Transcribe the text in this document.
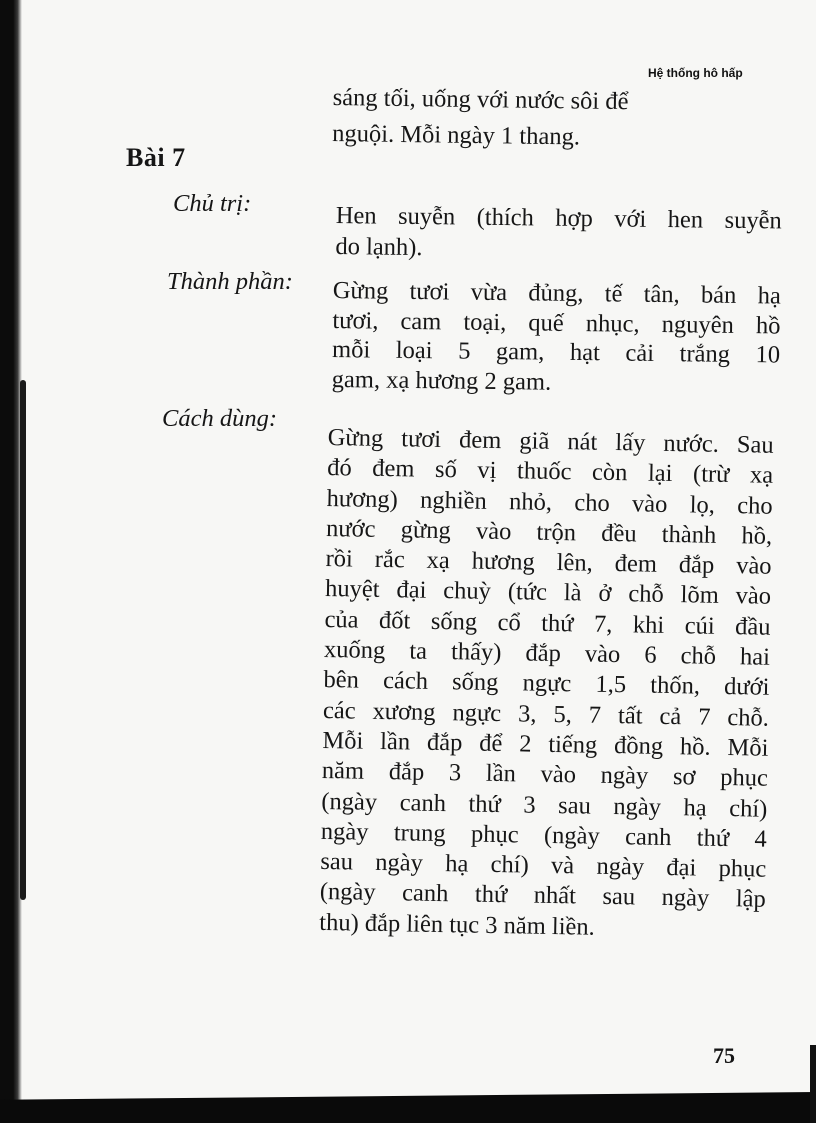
Hệ thống hô hấp
sáng tối, uống với nước sôi để
nguội. Mỗi ngày 1 thang.
Bài 7
Chủ trị:	Hen suyễn (thích hợp với hen suyễn
do lạnh).
Thành phần: Gừng tươi vừa đủng, tế tân, bán hạ
tươi, cam toại, quế nhục, nguyên hồ
mỗi loại 5 gam, hạt cải trắng 10
gam, xạ hương 2 gam.
Cách dùng:
Gừng tươi đem giã nát lấy nước. Sau
đó đem số vị thuốc còn lại (trừ xạ
hương) nghiền nhỏ, cho vào lọ, cho
nước gừng vào trộn đều thành hồ,
rồi rắc xạ hương lên, đem đắp vào
huyệt đại chuỳ (tức là ở chỗ lõm vào
của đốt sống cổ thứ 7, khi cúi đầu
xuống ta thấy) đắp vào 6 chỗ hai
bên cách sống ngực 1,5 thốn, dưới
các xương ngực 3, 5, 7 tất cả 7 chỗ.
Mỗi lần đắp để 2 tiếng đồng hồ. Mỗi
năm đắp 3 lần vào ngày sơ phục
(ngày canh thứ 3 sau ngày hạ chí)
ngày trung phục (ngày canh thứ 4
sau ngày hạ chí) và ngày đại phục
(ngày canh thứ nhất sau ngày lập
thu) đắp liên tục 3 năm liền.
75
